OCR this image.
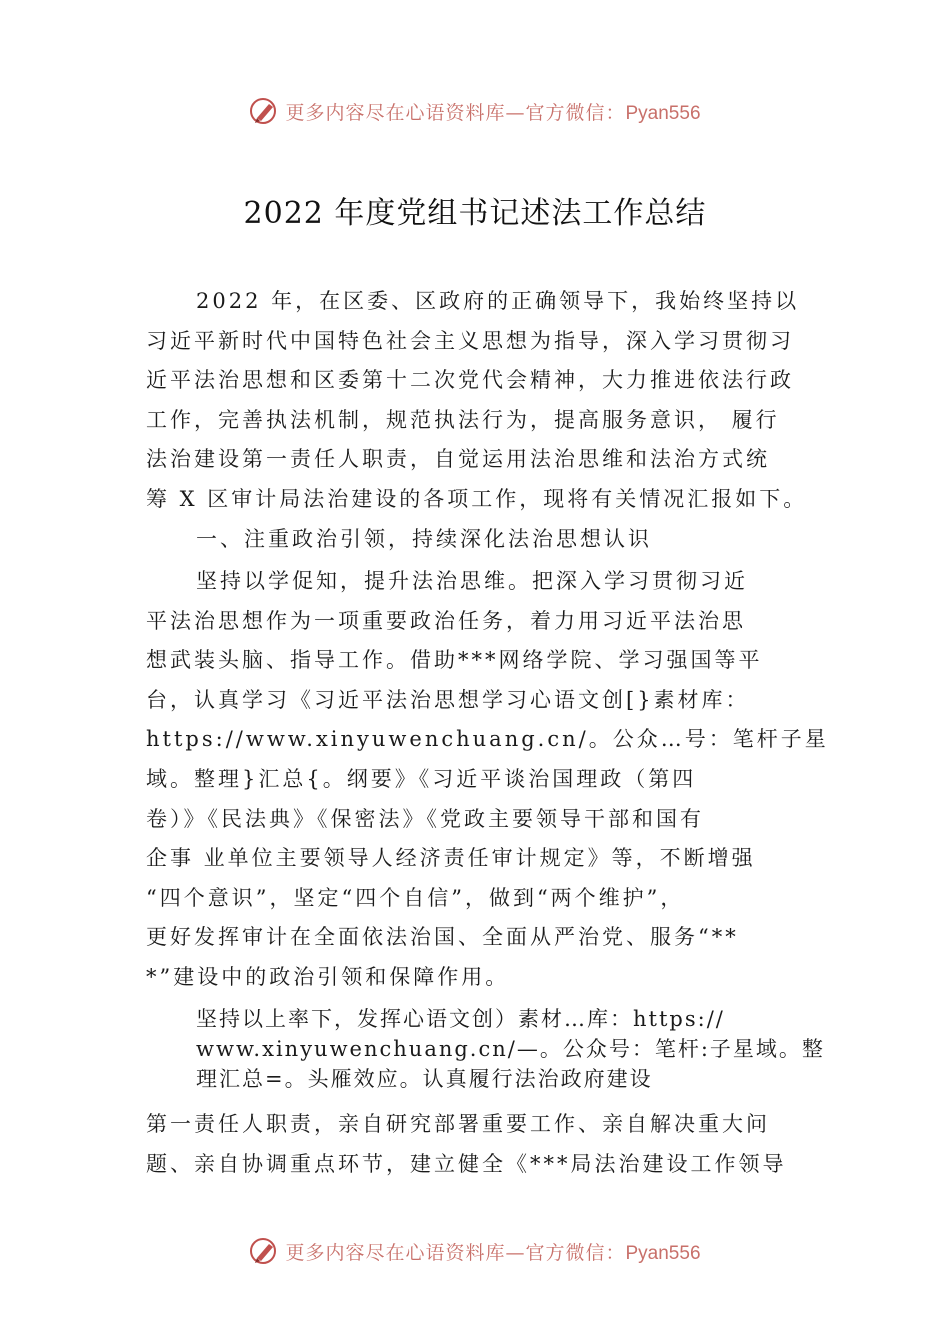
更多内容尽在心语资料库—官方微信：Pyan556
2022 年度党组书记述法工作总结
2022 年，在区委、区政府的正确领导下，我始终坚持以
习近平新时代中国特色社会主义思想为指导，深入学习贯彻习
近平法治思想和区委第十二次党代会精神，大力推进依法行政
工作，完善执法机制，规范执法行为，提高服务意识， 履行
法治建设第一责任人职责，自觉运用法治思维和法治方式统
筹 X 区审计局法治建设的各项工作，现将有关情况汇报如下。
一、注重政治引领，持续深化法治思想认识
坚持以学促知，提升法治思维。把深入学习贯彻习近
平法治思想作为一项重要政治任务，着力用习近平法治思
想武装头脑、指导工作。借助***网络学院、学习强国等平
台，认真学习《习近平法治思想学习心语文创[}素材库：
https://www.xinyuwenchuang.cn/。公众…号：笔杆子星
域。整理}汇总{。纲要》《习近平谈治国理政（第四
卷）》《民法典》《保密法》《党政主要领导干部和国有
企事 业单位主要领导人经济责任审计规定》等，不断增强
“四个意识”，坚定“四个自信”，做到“两个维护”，
更好发挥审计在全面依法治国、全面从严治党、服务“**
*”建设中的政治引领和保障作用。
坚持以上率下，发挥心语文创）素材…库：https://
www.xinyuwenchuang.cn/—。公众号：笔杆:子星域。整
理汇总=。头雁效应。认真履行法治政府建设
第一责任人职责，亲自研究部署重要工作、亲自解决重大问
题、亲自协调重点环节，建立健全《***局法治建设工作领导
更多内容尽在心语资料库—官方微信：Pyan556
